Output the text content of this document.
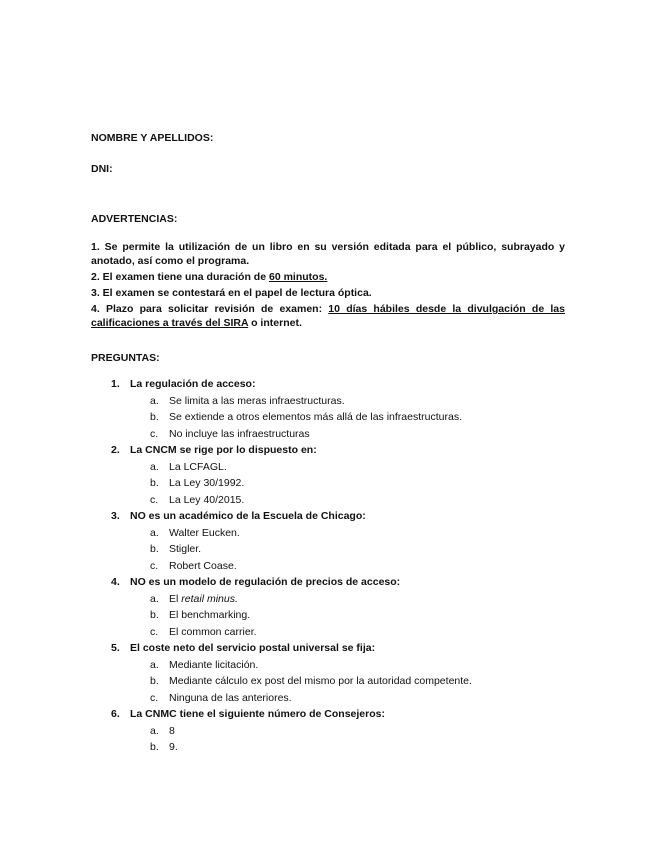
NOMBRE Y APELLIDOS:
DNI:
ADVERTENCIAS:

1. Se permite la utilización de un libro en su versión editada para el público, subrayado y anotado, así como el programa.

2. El examen tiene una duración de 60 minutos.

3. El examen se contestará en el papel de lectura óptica.

4. Plazo para solicitar revisión de examen: 10 días hábiles desde la divulgación de las calificaciones a través del SIRA o internet.

PREGUNTAS:
1. La regulación de acceso:
a. Se limita a las meras infraestructuras.
b. Se extiende a otros elementos más allá de las infraestructuras.
c. No incluye las infraestructuras
2. La CNCM se rige por lo dispuesto en:
a. La LCFAGL.
b. La Ley 30/1992.
c. La Ley 40/2015.
3. NO es un académico de la Escuela de Chicago:
a. Walter Eucken.
b. Stigler.
c. Robert Coase.
4. NO es un modelo de regulación de precios de acceso:
a. El retail minus.
b. El benchmarking.
c. El common carrier.
5. El coste neto del servicio postal universal se fija:
a. Mediante licitación.
b. Mediante cálculo ex post del mismo por la autoridad competente.
c. Ninguna de las anteriores.
6. La CNMC tiene el siguiente número de Consejeros:
a. 8
b. 9.
